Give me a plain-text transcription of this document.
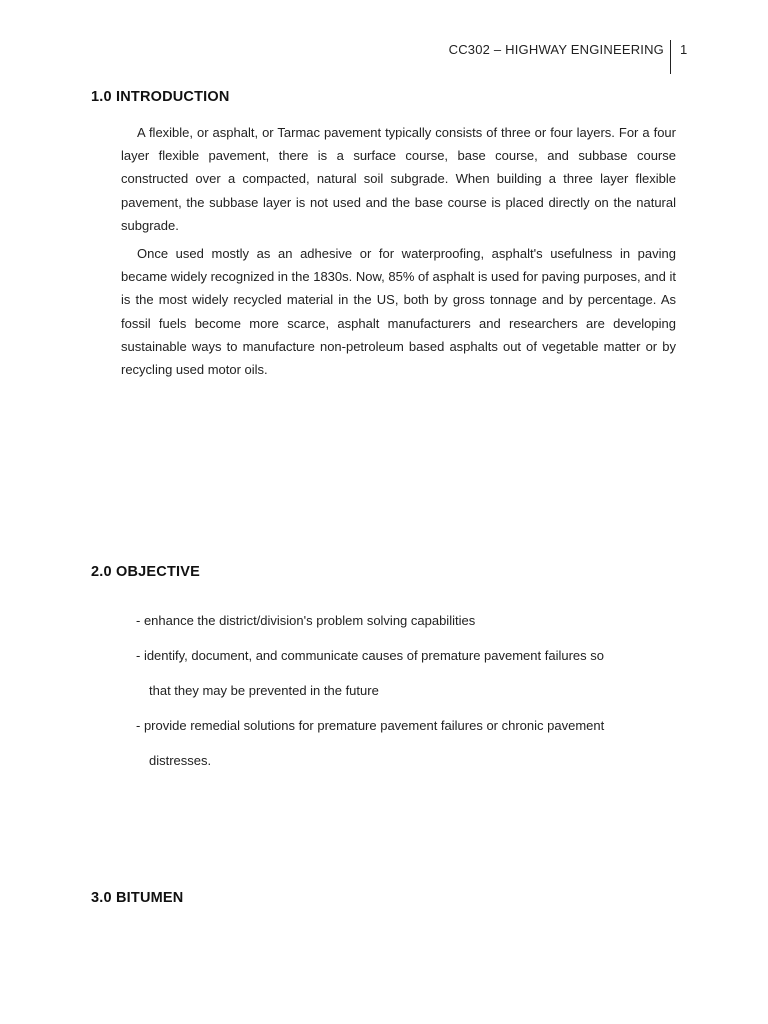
CC302 – HIGHWAY ENGINEERING 1
1.0 INTRODUCTION
A flexible, or asphalt, or Tarmac pavement typically consists of three or four layers. For a four layer flexible pavement, there is a surface course, base course, and subbase course constructed over a compacted, natural soil subgrade. When building a three layer flexible pavement, the subbase layer is not used and the base course is placed directly on the natural subgrade.
Once used mostly as an adhesive or for waterproofing, asphalt's usefulness in paving became widely recognized in the 1830s. Now, 85% of asphalt is used for paving purposes, and it is the most widely recycled material in the US, both by gross tonnage and by percentage. As fossil fuels become more scarce, asphalt manufacturers and researchers are developing sustainable ways to manufacture non-petroleum based asphalts out of vegetable matter or by recycling used motor oils.
2.0 OBJECTIVE
- enhance the district/division's problem solving capabilities
- identify, document, and communicate causes of premature pavement failures so
that they may be prevented in the future
- provide remedial solutions for premature pavement failures or chronic pavement
distresses.
3.0 BITUMEN
